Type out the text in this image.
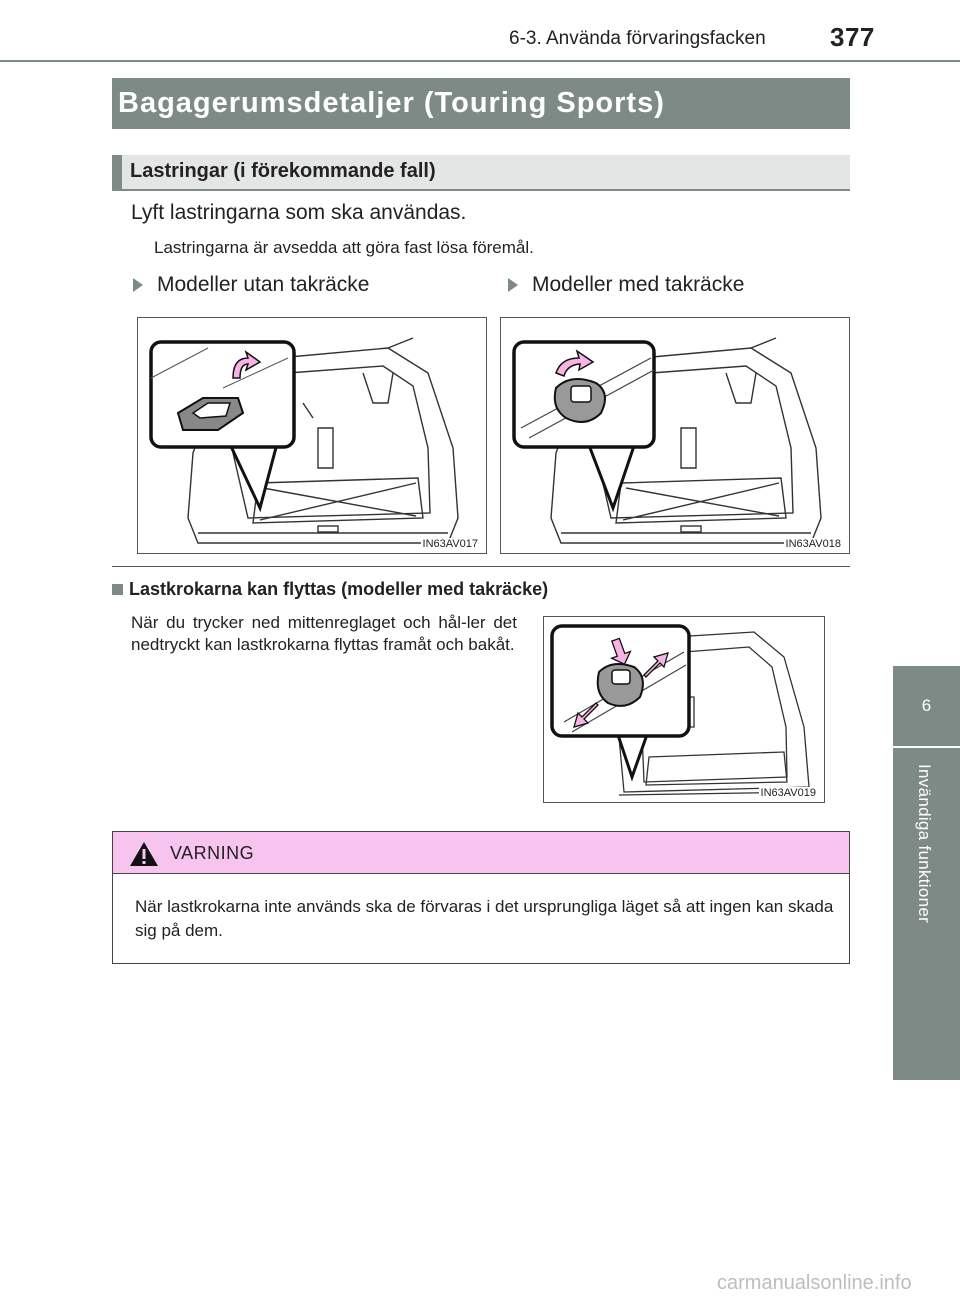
6-3. Använda förvaringsfacken 377
6
Invändiga funktioner
Bagagerumsdetaljer (Touring Sports)
Lastringar (i förekommande fall)
Lyft lastringarna som ska användas.
Lastringarna är avsedda att göra fast lösa föremål.
Modeller utan takräcke	Modeller med takräcke
IN63AV017	IN63AV018
Lastkrokarna kan flyttas (modeller med takräcke)
När du trycker ned mittenreglaget och hål-ler det nedtryckt kan lastkrokarna flyttas framåt och bakåt.
IN63AV019
VARNING
När lastkrokarna inte används ska de förvaras i det ursprungliga läget så att ingen kan skada sig på dem.
carmanualsonline.info
